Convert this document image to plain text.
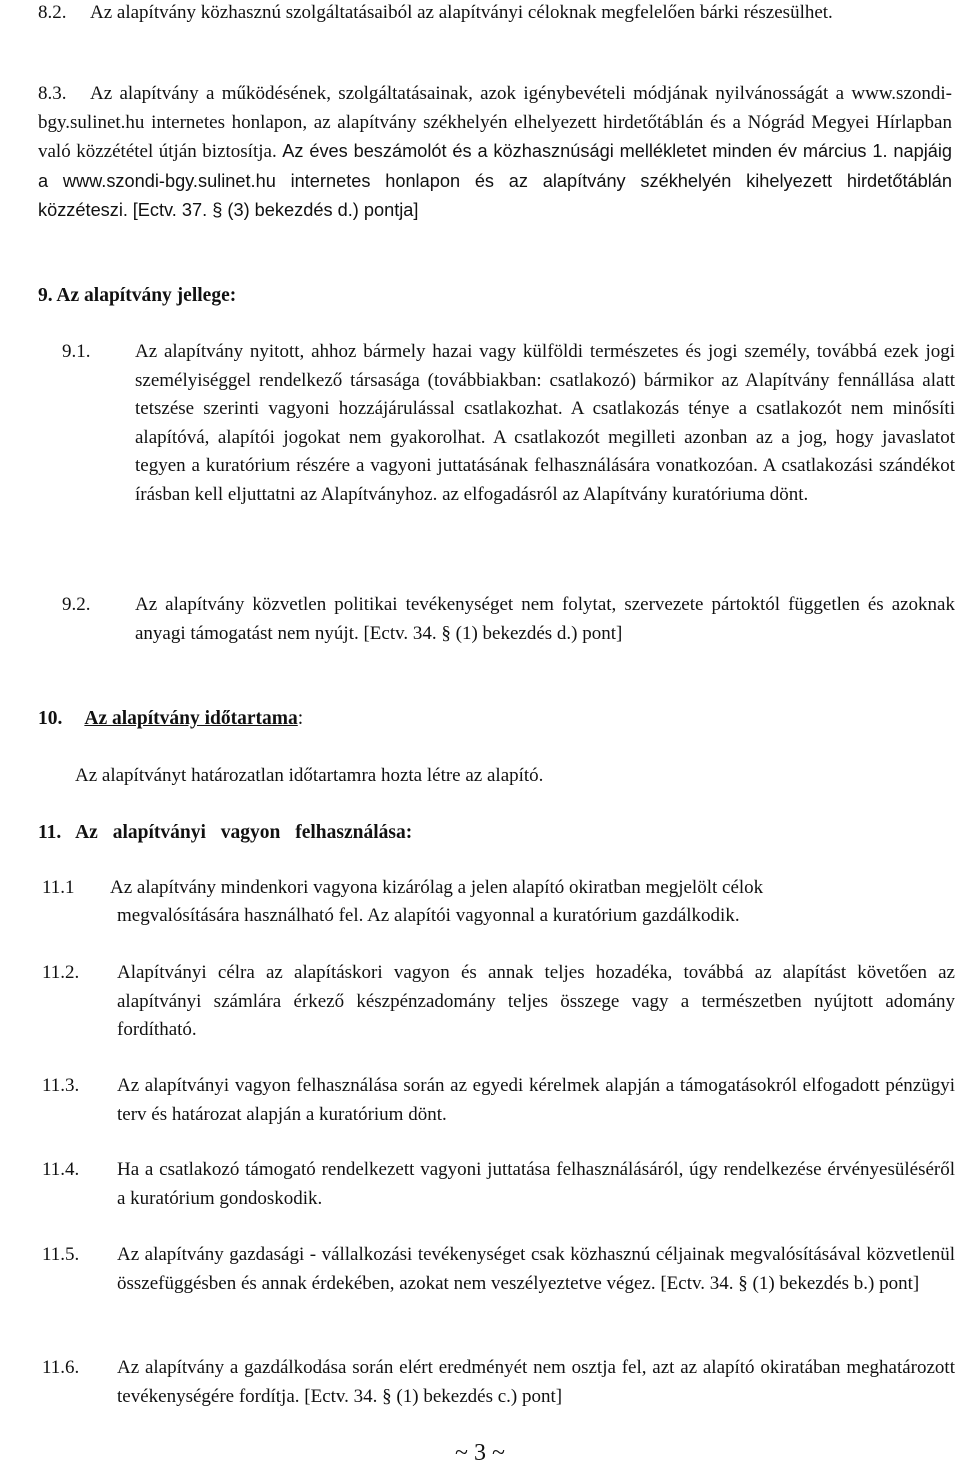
8.2.	Az alapítvány közhasznú szolgáltatásaiból az alapítványi céloknak megfelelően bárki részesülhet.

8.3.	Az alapítvány a működésének, szolgáltatásainak, azok igénybevételi módjának nyilvánosságát a www.szondi-bgy.sulinet.hu internetes honlapon, az alapítvány székhelyén elhelyezett hirdetőtáblán és a Nógrád Megyei Hírlapban való közzététel útján biztosítja. Az éves beszámolót és a közhasznúsági mellékletet minden év március 1. napjáig a www.szondi-bgy.sulinet.hu internetes honlapon és az alapítvány székhelyén kihelyezett hirdetőtáblán közzéteszi. [Ectv. 37. § (3) bekezdés d.) pontja]

9. Az alapítvány jellege:

9.1. Az alapítvány nyitott, ahhoz bármely hazai vagy külföldi természetes és jogi személy, továbbá ezek jogi személyiséggel rendelkező társasága (továbbiakban: csatlakozó) bármikor az Alapítvány fennállása alatt tetszése szerinti vagyoni hozzájárulással csatlakozhat. A csatlakozás ténye a csatlakozót nem minősíti alapítóvá, alapítói jogokat nem gyakorolhat. A csatlakozót megilleti azonban az a jog, hogy javaslatot tegyen a kuratórium részére a vagyoni juttatásának felhasználására vonatkozóan. A csatlakozási szándékot írásban kell eljuttatni az Alapítványhoz. az elfogadásról az Alapítvány kuratóriuma dönt.

9.2. Az alapítvány közvetlen politikai tevékenységet nem folytat, szervezete pártoktól független és azoknak anyagi támogatást nem nyújt. [Ectv. 34. § (1) bekezdés d.) pont]

10. Az alapítvány időtartama:

Az alapítványt határozatlan időtartamra hozta létre az alapító.

11. Az alapítványi vagyon felhasználása:

11.1 Az alapítvány mindenkori vagyona kizárólag a jelen alapító okiratban megjelölt célok

megvalósítására használható fel. Az alapítói vagyonnal a kuratórium gazdálkodik.

11.2. Alapítványi célra az alapításkori vagyon és annak teljes hozadéka, továbbá az alapítást követően az alapítványi számlára érkező készpénzadomány teljes összege vagy a természetben nyújtott adomány fordítható.

11.3. Az alapítványi vagyon felhasználása során az egyedi kérelmek alapján a támogatásokról elfogadott pénzügyi terv és határozat alapján a kuratórium dönt.

11.4. Ha a csatlakozó támogató rendelkezett vagyoni juttatása felhasználásáról, úgy rendelkezése érvényesüléséről a kuratórium gondoskodik.

11.5. Az alapítvány gazdasági - vállalkozási tevékenységet csak közhasznú céljainak megvalósításával közvetlenül összefüggésben és annak érdekében, azokat nem veszélyeztetve végez. [Ectv. 34. § (1) bekezdés b.) pont]

11.6. Az alapítvány a gazdálkodása során elért eredményét nem osztja fel, azt az alapító okiratában meghatározott tevékenységére fordítja. [Ectv. 34. § (1) bekezdés c.) pont]

~ 3 ~
